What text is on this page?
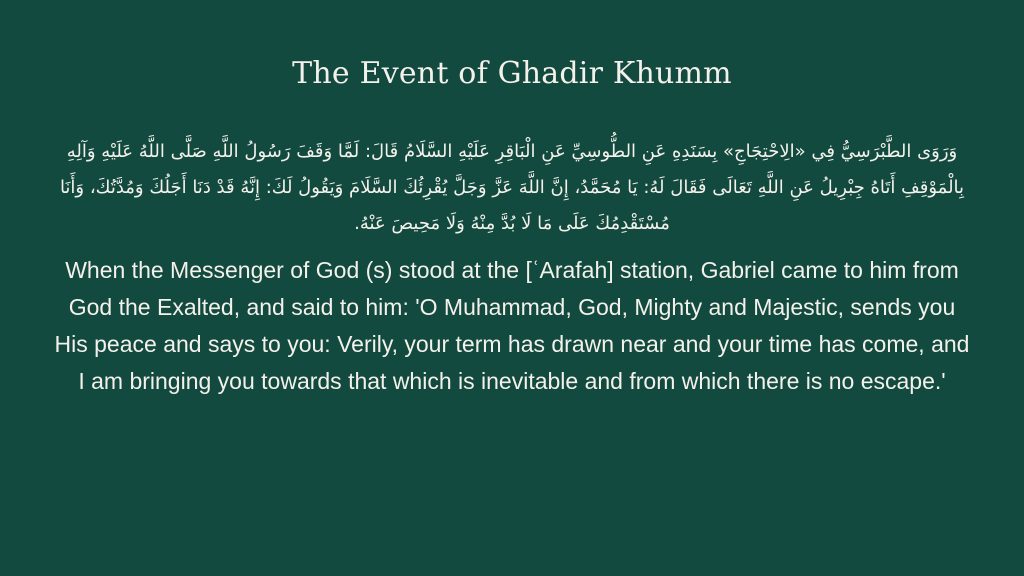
The Event of Ghadir Khumm
وَرَوَى الطَّبْرَسِيُّ فِي «الِاحْتِجَاجِ» بِسَنَدِهِ عَنِ الطُّوسِيِّ عَنِ الْبَاقِرِ عَلَيْهِ السَّلَامُ قَالَ: لَمَّا وَقَفَ رَسُولُ اللَّهِ صَلَّى اللَّهُ عَلَيْهِ وَآلِهِ بِالْمَوْقِفِ أَتَاهُ جِبْرِيلُ عَنِ اللَّهِ تَعَالَى فَقَالَ لَهُ: يَا مُحَمَّدُ، إِنَّ اللَّهَ عَزَّ وَجَلَّ يُقْرِئُكَ السَّلَامَ وَيَقُولُ لَكَ: إِنَّهُ قَدْ دَنَا أَجَلُكَ وَمُدَّتُكَ، وَأَنَا مُسْتَقْدِمُكَ عَلَى مَا لَا بُدَّ مِنْهُ وَلَا مَحِيصَ عَنْهُ.
When the Messenger of God (s) stood at the [ʿArafah] station, Gabriel came to him from God the Exalted, and said to him: 'O Muhammad, God, Mighty and Majestic, sends you His peace and says to you: Verily, your term has drawn near and your time has come, and I am bringing you towards that which is inevitable and from which there is no escape.'
